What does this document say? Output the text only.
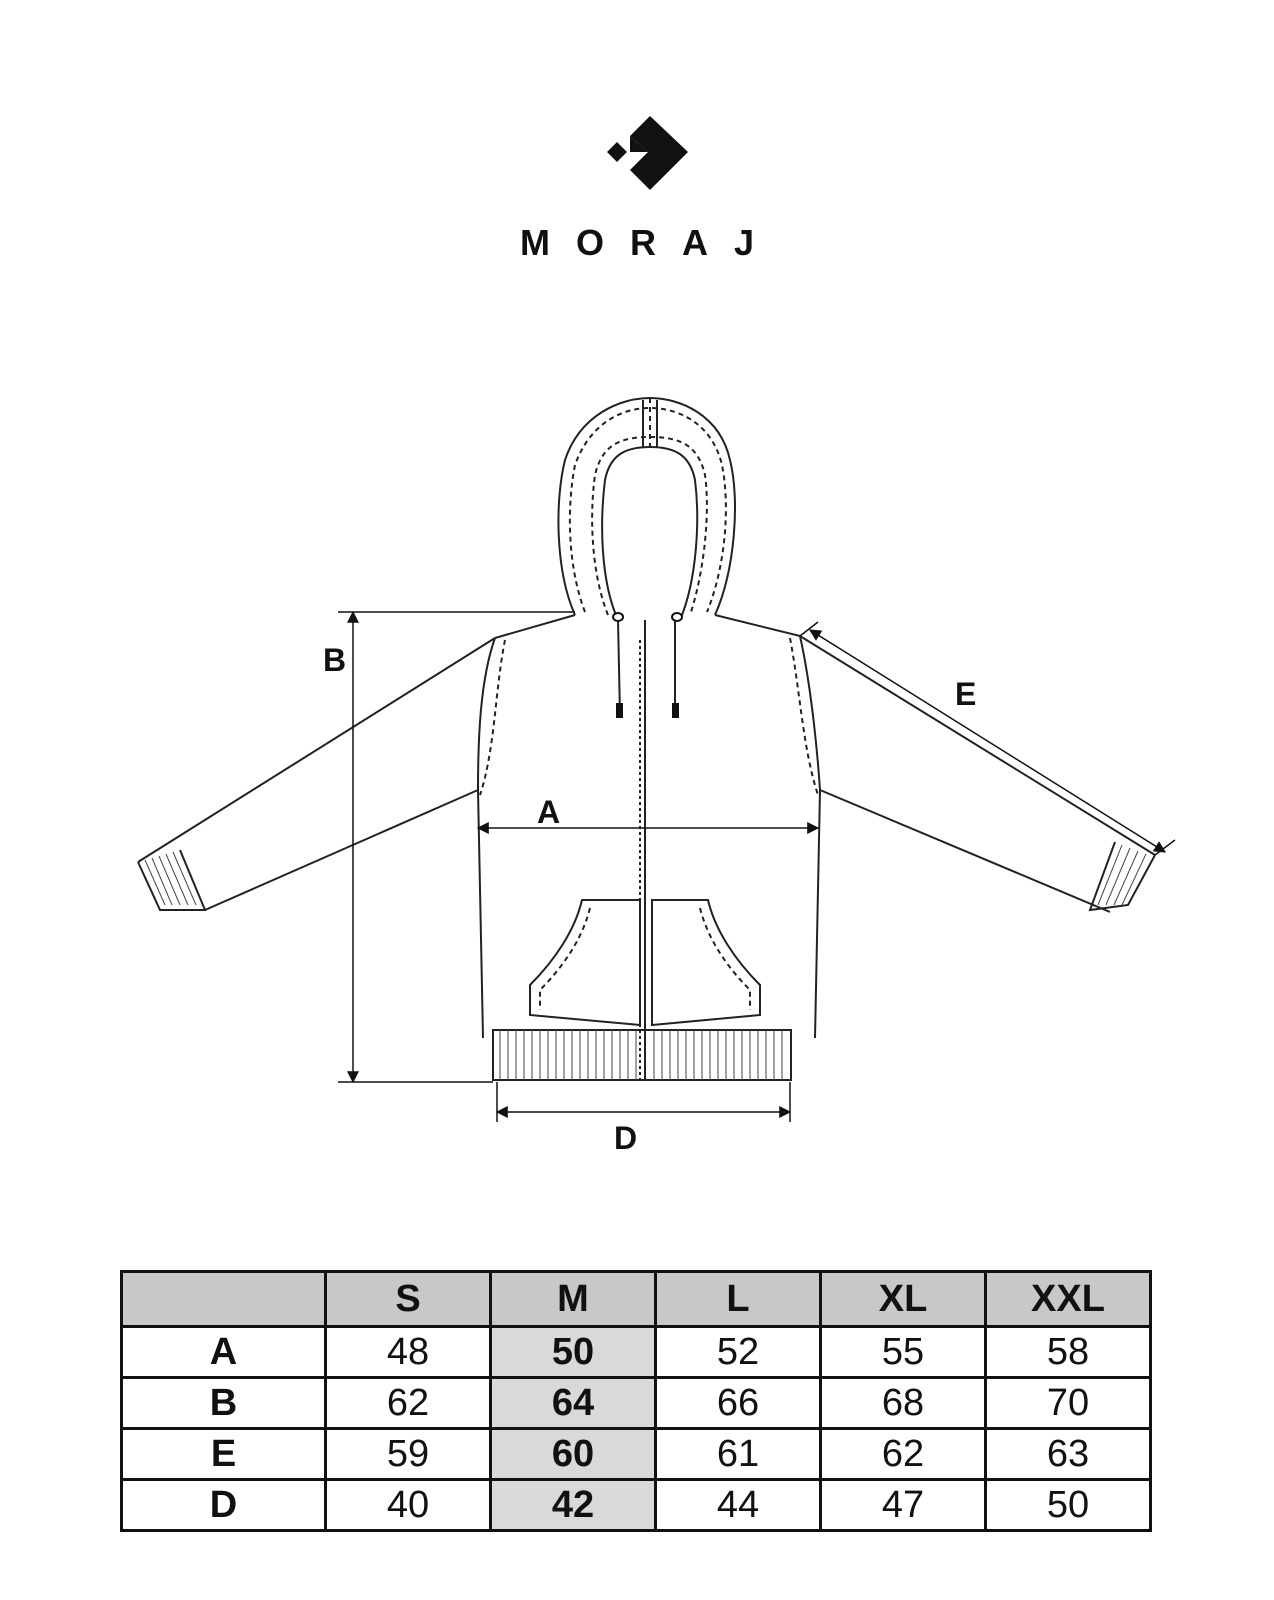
MORAJ
B
A
E
D
	S	M	L	XL	XXL
A	48	50	52	55	58
B	62	64	66	68	70
E	59	60	61	62	63
D	40	42	44	47	50
